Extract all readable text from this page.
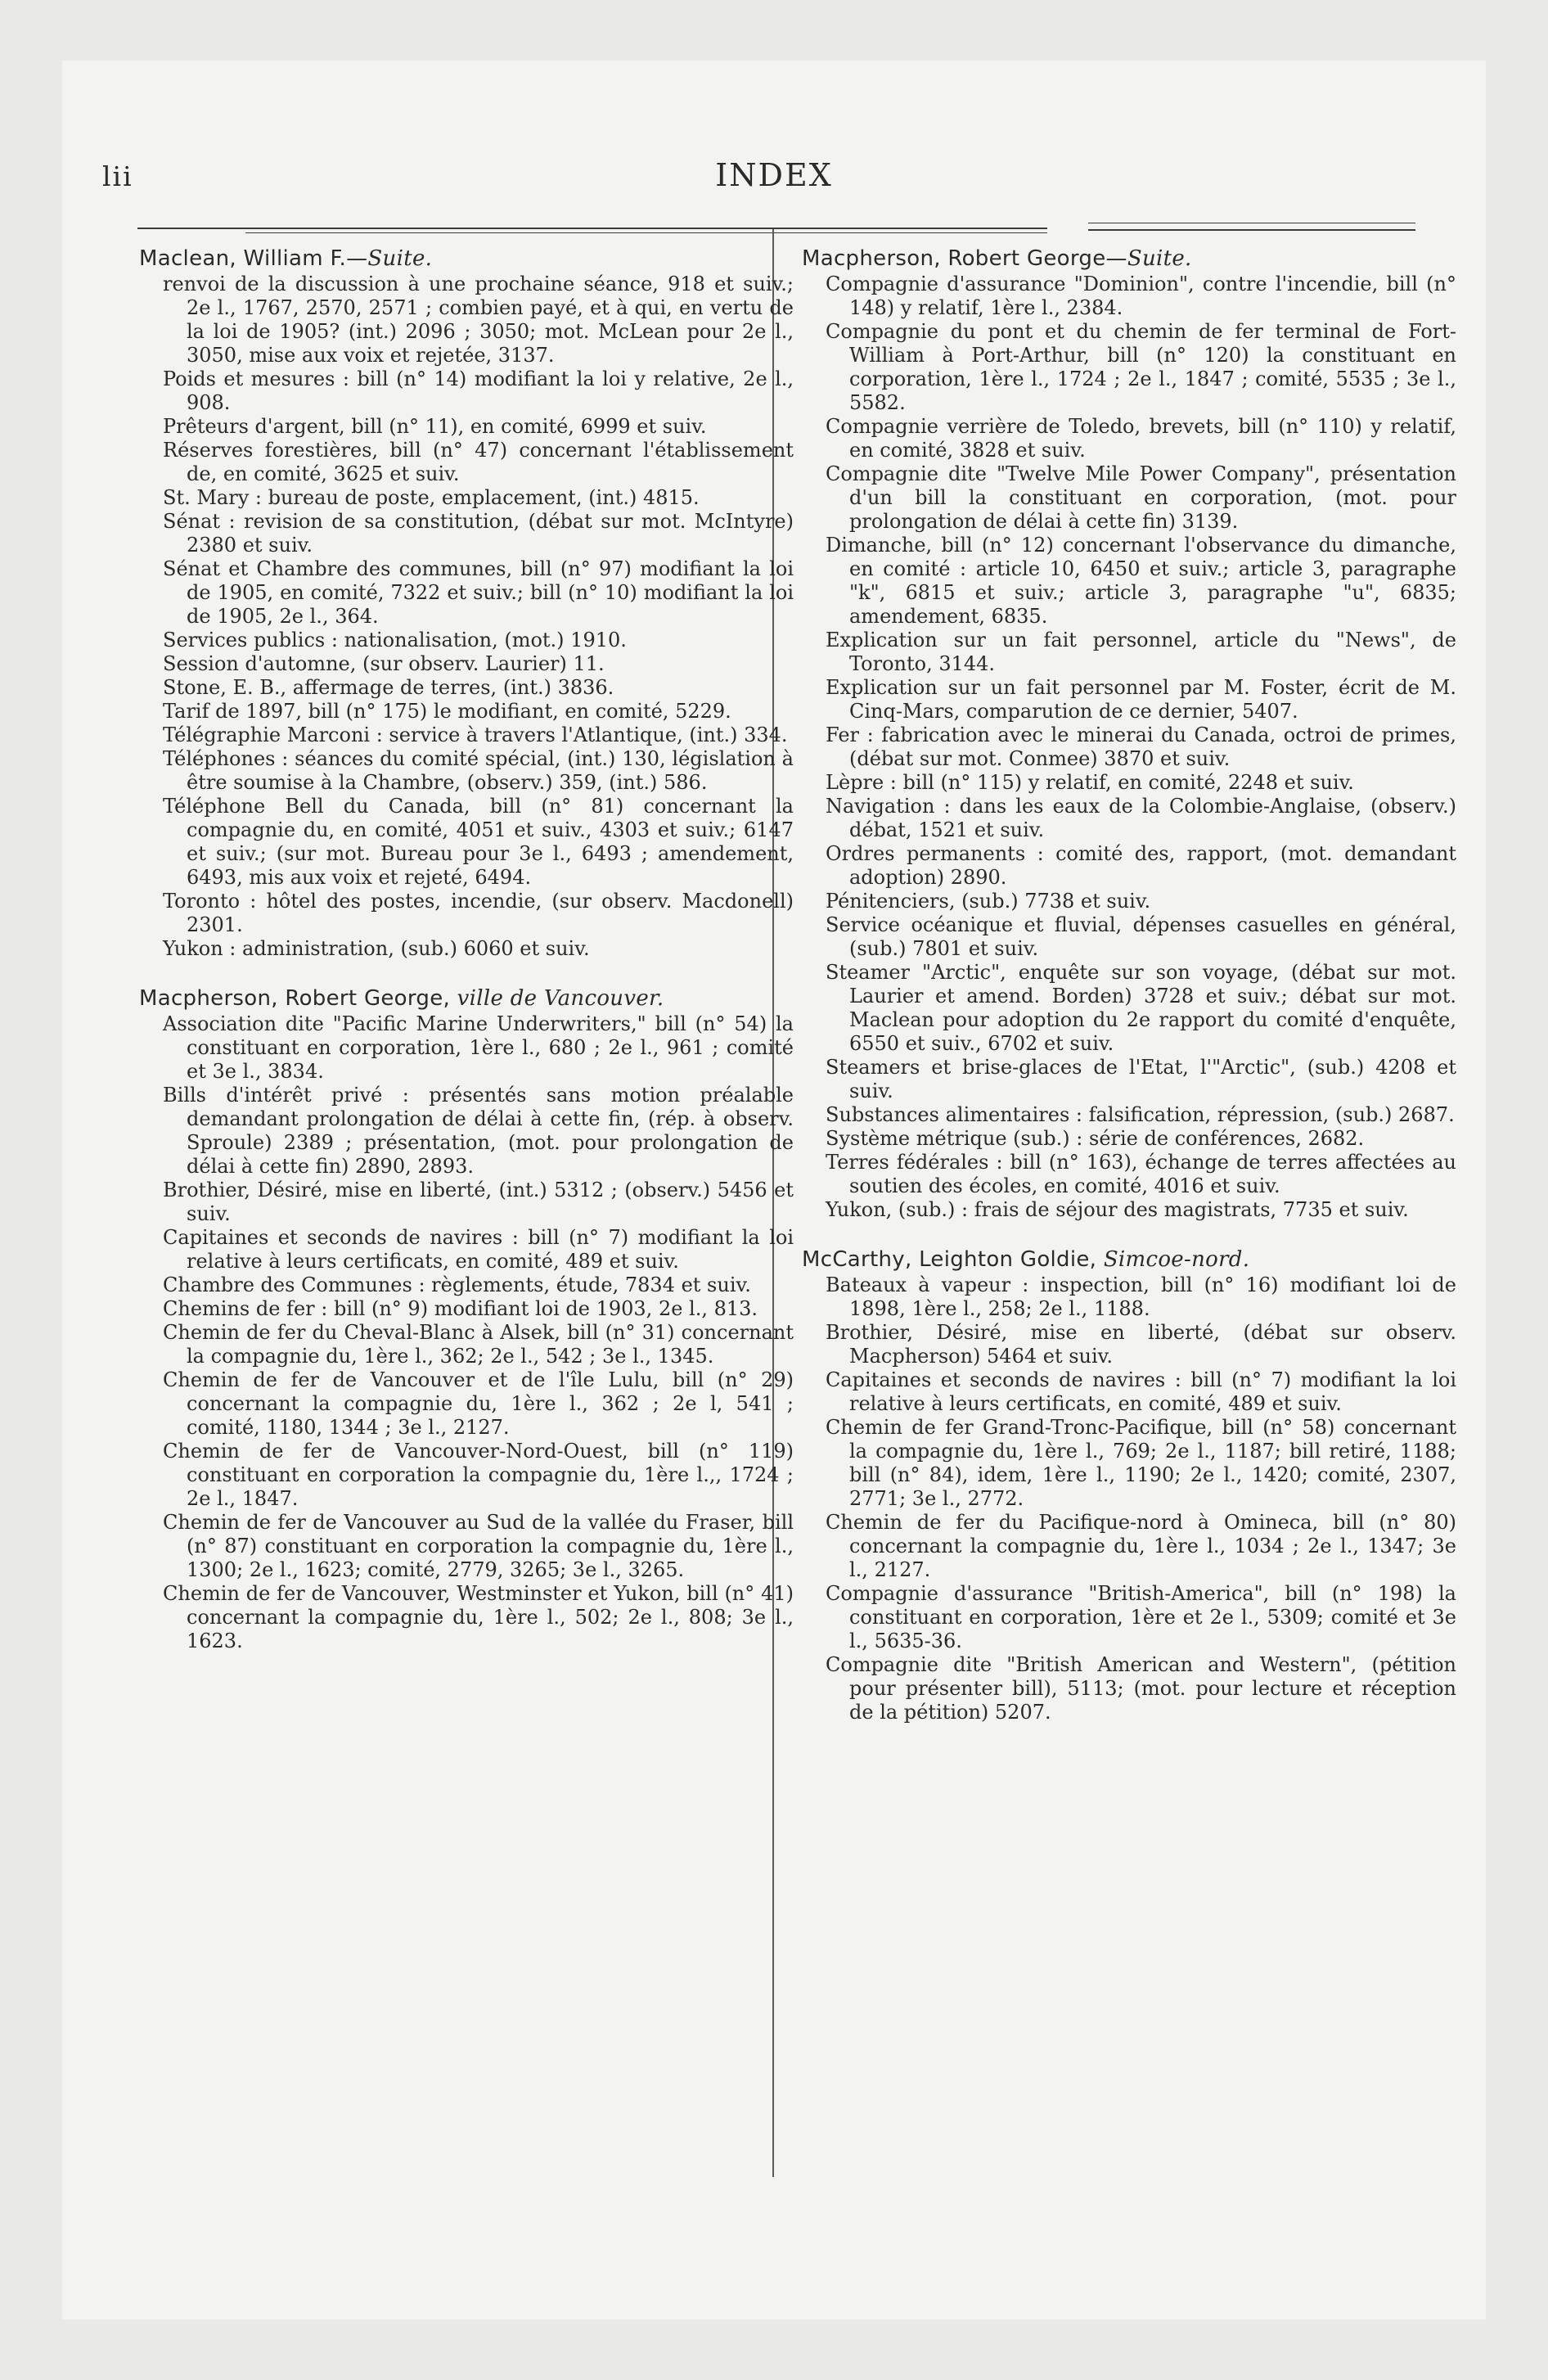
lii	INDEX

Maclean, William F.—Suite.

renvoi de la discussion à une prochaine séance, 918 et suiv.; 2e l., 1767, 2570, 2571 ; combien payé, et à qui, en vertu de la loi de 1905? (int.) 2096 ; 3050; mot. McLean pour 2e l., 3050, mise aux voix et rejetée, 3137.

Poids et mesures : bill (n° 14) modifiant la loi y relative, 2e l., 908.

Prêteurs d'argent, bill (n° 11), en comité, 6999 et suiv.

Réserves forestières, bill (n° 47) concernant l'établissement de, en comité, 3625 et suiv.

St. Mary : bureau de poste, emplacement, (int.) 4815.

Sénat : revision de sa constitution, (débat sur mot. McIntyre) 2380 et suiv.

Sénat et Chambre des communes, bill (n° 97) modifiant la loi de 1905, en comité, 7322 et suiv.; bill (n° 10) modifiant la loi de 1905, 2e l., 364.

Services publics : nationalisation, (mot.) 1910.

Session d'automne, (sur observ. Laurier) 11.

Stone, E. B., affermage de terres, (int.) 3836.

Tarif de 1897, bill (n° 175) le modifiant, en comité, 5229.

Télégraphie Marconi : service à travers l'Atlantique, (int.) 334.

Téléphones : séances du comité spécial, (int.) 130, législation à être soumise à la Chambre, (observ.) 359, (int.) 586.

Téléphone Bell du Canada, bill (n° 81) concernant la compagnie du, en comité, 4051 et suiv., 4303 et suiv.; 6147 et suiv.; (sur mot. Bureau pour 3e l., 6493 ; amendement, 6493, mis aux voix et rejeté, 6494.

Toronto : hôtel des postes, incendie, (sur observ. Macdonell) 2301.

Yukon : administration, (sub.) 6060 et suiv.

Macpherson, Robert George, ville de Vancouver.

Association dite "Pacific Marine Underwriters," bill (n° 54) la constituant en corporation, 1ère l., 680 ; 2e l., 961 ; comité et 3e l., 3834.

Bills d'intérêt privé : présentés sans motion préalable demandant prolongation de délai à cette fin, (rép. à observ. Sproule) 2389 ; présentation, (mot. pour prolongation de délai à cette fin) 2890, 2893.

Brothier, Désiré, mise en liberté, (int.) 5312 ; (observ.) 5456 et suiv.

Capitaines et seconds de navires : bill (n° 7) modifiant la loi relative à leurs certificats, en comité, 489 et suiv.

Chambre des Communes : règlements, étude, 7834 et suiv.

Chemins de fer : bill (n° 9) modifiant loi de 1903, 2e l., 813.

Chemin de fer du Cheval-Blanc à Alsek, bill (n° 31) concernant la compagnie du, 1ère l., 362; 2e l., 542 ; 3e l., 1345.

Chemin de fer de Vancouver et de l'île Lulu, bill (n° 29) concernant la compagnie du, 1ère l., 362 ; 2e l, 541 ; comité, 1180, 1344 ; 3e l., 2127.

Chemin de fer de Vancouver-Nord-Ouest, bill (n° 119) constituant en corporation la compagnie du, 1ère l.,, 1724 ; 2e l., 1847.

Chemin de fer de Vancouver au Sud de la vallée du Fraser, bill (n° 87) constituant en corporation la compagnie du, 1ère l., 1300; 2e l., 1623; comité, 2779, 3265; 3e l., 3265.

Chemin de fer de Vancouver, Westminster et Yukon, bill (n° 41) concernant la compagnie du, 1ère l., 502; 2e l., 808; 3e l., 1623.

Macpherson, Robert George—Suite.

Compagnie d'assurance "Dominion", contre l'incendie, bill (n° 148) y relatif, 1ère l., 2384.

Compagnie du pont et du chemin de fer terminal de Fort-William à Port-Arthur, bill (n° 120) la constituant en corporation, 1ère l., 1724 ; 2e l., 1847 ; comité, 5535 ; 3e l., 5582.

Compagnie verrière de Toledo, brevets, bill (n° 110) y relatif, en comité, 3828 et suiv.

Compagnie dite "Twelve Mile Power Company", présentation d'un bill la constituant en corporation, (mot. pour prolongation de délai à cette fin) 3139.

Dimanche, bill (n° 12) concernant l'observance du dimanche, en comité : article 10, 6450 et suiv.; article 3, paragraphe "k", 6815 et suiv.; article 3, paragraphe "u", 6835; amendement, 6835.

Explication sur un fait personnel, article du "News", de Toronto, 3144.

Explication sur un fait personnel par M. Foster, écrit de M. Cinq-Mars, comparution de ce dernier, 5407.

Fer : fabrication avec le minerai du Canada, octroi de primes, (débat sur mot. Conmee) 3870 et suiv.

Lèpre : bill (n° 115) y relatif, en comité, 2248 et suiv.

Navigation : dans les eaux de la Colombie-Anglaise, (observ.) débat, 1521 et suiv.

Ordres permanents : comité des, rapport, (mot. demandant adoption) 2890.

Pénitenciers, (sub.) 7738 et suiv.

Service océanique et fluvial, dépenses casuelles en général, (sub.) 7801 et suiv.

Steamer "Arctic", enquête sur son voyage, (débat sur mot. Laurier et amend. Borden) 3728 et suiv.; débat sur mot. Maclean pour adoption du 2e rapport du comité d'enquête, 6550 et suiv., 6702 et suiv.

Steamers et brise-glaces de l'Etat, l'"Arctic", (sub.) 4208 et suiv.

Substances alimentaires : falsification, répression, (sub.) 2687.

Système métrique (sub.) : série de conférences, 2682.

Terres fédérales : bill (n° 163), échange de terres affectées au soutien des écoles, en comité, 4016 et suiv.

Yukon, (sub.) : frais de séjour des magistrats, 7735 et suiv.

McCarthy, Leighton Goldie, Simcoe-nord.

Bateaux à vapeur : inspection, bill (n° 16) modifiant loi de 1898, 1ère l., 258; 2e l., 1188.

Brothier, Désiré, mise en liberté, (débat sur observ. Macpherson) 5464 et suiv.

Capitaines et seconds de navires : bill (n° 7) modifiant la loi relative à leurs certificats, en comité, 489 et suiv.

Chemin de fer Grand-Tronc-Pacifique, bill (n° 58) concernant la compagnie du, 1ère l., 769; 2e l., 1187; bill retiré, 1188; bill (n° 84), idem, 1ère l., 1190; 2e l., 1420; comité, 2307, 2771; 3e l., 2772.

Chemin de fer du Pacifique-nord à Omineca, bill (n° 80) concernant la compagnie du, 1ère l., 1034 ; 2e l., 1347; 3e l., 2127.

Compagnie d'assurance "British-America", bill (n° 198) la constituant en corporation, 1ère et 2e l., 5309; comité et 3e l., 5635-36.

Compagnie dite "British American and Western", (pétition pour présenter bill), 5113; (mot. pour lecture et réception de la pétition) 5207.
